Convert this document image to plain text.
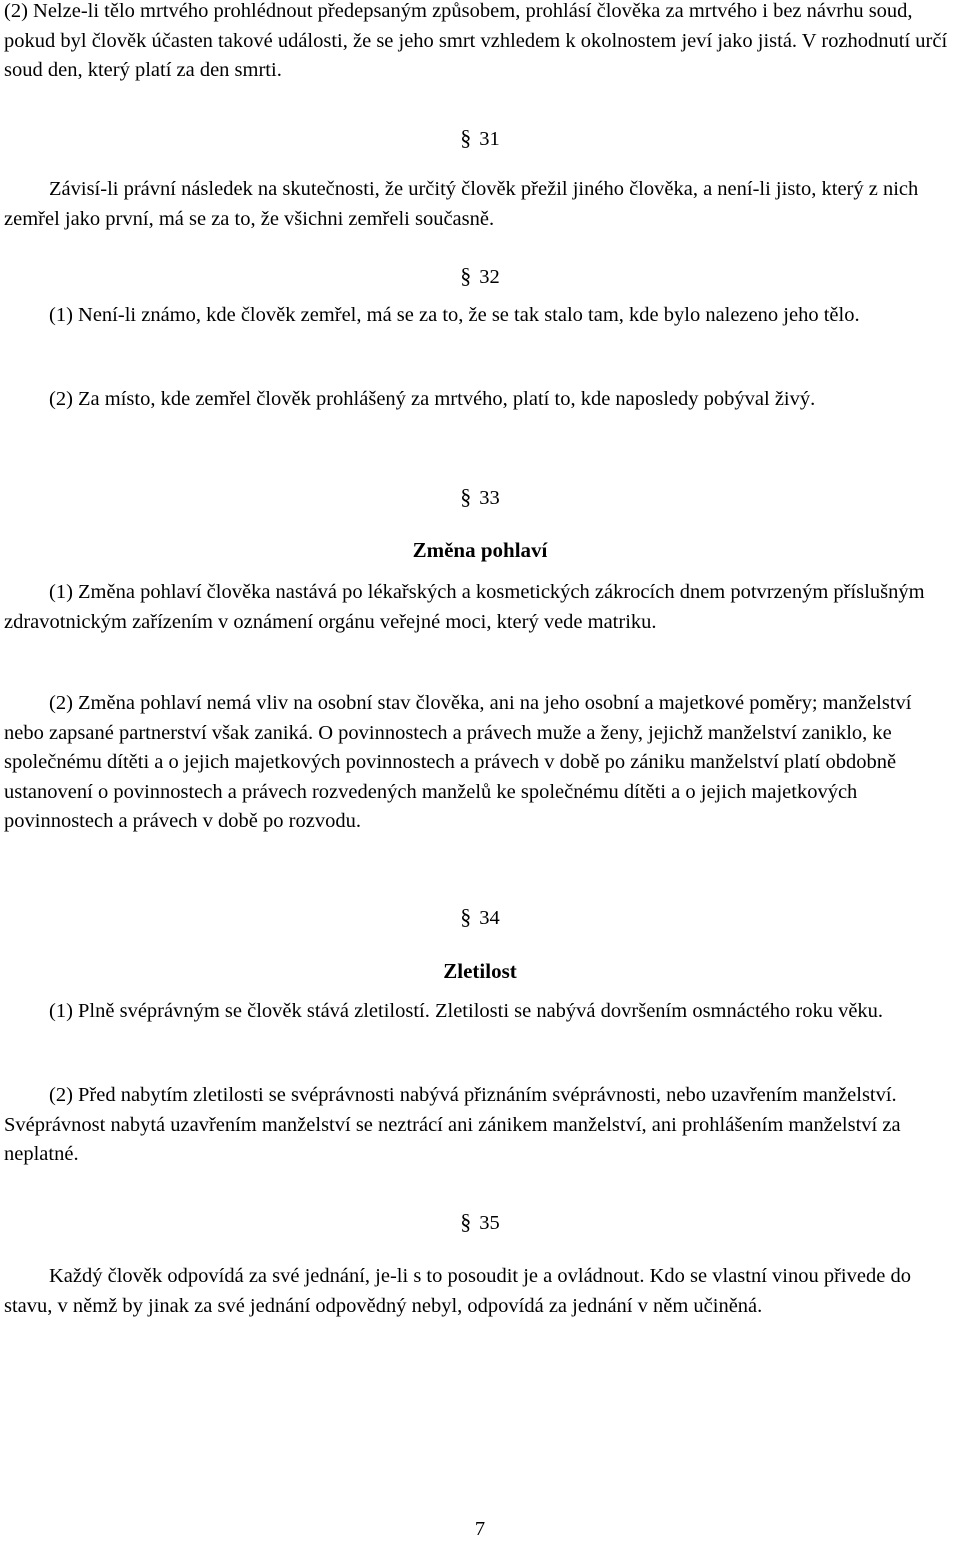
(2) Nelze-li tělo mrtvého prohlédnout předepsaným způsobem, prohlásí člověka za mrtvého i bez návrhu soud, pokud byl člověk účasten takové události, že se jeho smrt vzhledem k okolnostem jeví jako jistá. V rozhodnutí určí soud den, který platí za den smrti.

§ 31

Závisí-li právní následek na skutečnosti, že určitý člověk přežil jiného člověka, a není-li jisto, který z nich zemřel jako první, má se za to, že všichni zemřeli současně.

§ 32

(1) Není-li známo, kde člověk zemřel, má se za to, že se tak stalo tam, kde bylo nalezeno jeho tělo.

(2) Za místo, kde zemřel člověk prohlášený za mrtvého, platí to, kde naposledy pobýval živý.

§ 33
Změna pohlaví

(1) Změna pohlaví člověka nastává po lékařských a kosmetických zákrocích dnem potvrzeným příslušným zdravotnickým zařízením v oznámení orgánu veřejné moci, který vede matriku.

(2) Změna pohlaví nemá vliv na osobní stav člověka, ani na jeho osobní a majetkové poměry; manželství nebo zapsané partnerství však zaniká. O povinnostech a právech muže a ženy, jejichž manželství zaniklo, ke společnému dítěti a o jejich majetkových povinnostech a právech v době po zániku manželství platí obdobně ustanovení o povinnostech a právech rozvedených manželů ke společnému dítěti a o jejich majetkových povinnostech a právech v době po rozvodu.

§ 34
Zletilost

(1) Plně svéprávným se člověk stává zletilostí. Zletilosti se nabývá dovršením osmnáctého roku věku.

(2) Před nabytím zletilosti se svéprávnosti nabývá přiznáním svéprávnosti, nebo uzavřením manželství. Svéprávnost nabytá uzavřením manželství se neztrácí ani zánikem manželství, ani prohlášením manželství za neplatné.

§ 35

Každý člověk odpovídá za své jednání, je-li s to posoudit je a ovládnout. Kdo se vlastní vinou přivede do stavu, v němž by jinak za své jednání odpovědný nebyl, odpovídá za jednání v něm učiněná.

7
